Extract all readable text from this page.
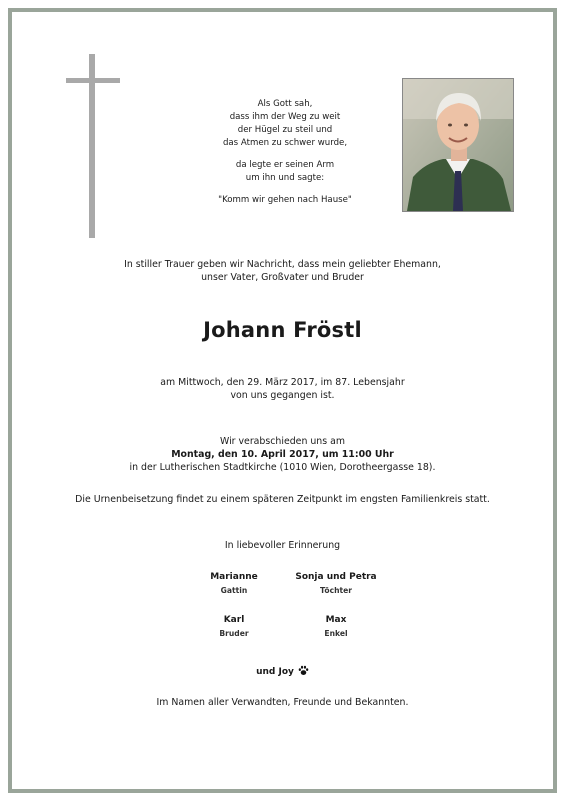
Als Gott sah,
dass ihm der Weg zu weit
der Hügel zu steil und
das Atmen zu schwer wurde,
da legte er seinen Arm
um ihn und sagte:
"Komm wir gehen nach Hause"
In stiller Trauer geben wir Nachricht, dass mein geliebter Ehemann,
unser Vater, Großvater und Bruder
Johann Fröstl
am Mittwoch, den 29. März 2017, im 87. Lebensjahr
von uns gegangen ist.
Wir verabschieden uns am
Montag, den 10. April 2017, um 11:00 Uhr
in der Lutherischen Stadtkirche (1010 Wien, Dorotheergasse 18).
Die Urnenbeisetzung findet zu einem späteren Zeitpunkt im engsten Familienkreis statt.
In liebevoller Erinnerung
Marianne
Gattin
Sonja und Petra
Töchter
Karl
Bruder
Max
Enkel
und Joy
Im Namen aller Verwandten, Freunde und Bekannten.
